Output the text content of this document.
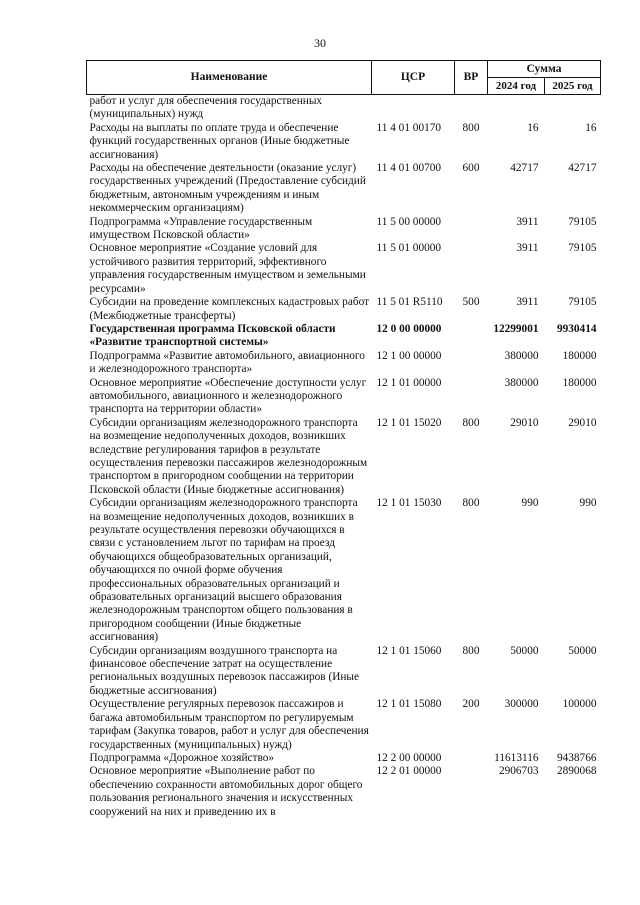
30
Наименование	ЦСР	ВР	Сумма	
			2024 год	2025 год
работ и услуг для обеспечения государственных (муниципальных) нужд				
Расходы на выплаты по оплате труда и обеспечение функций государственных органов (Иные бюджетные ассигнования)	11 4 01 00170	800	16	16
Расходы на обеспечение деятельности (оказание услуг) государственных учреждений (Предоставление субсидий бюджетным, автономным учреждениям и иным некоммерческим организациям)	11 4 01 00700	600	42717	42717
Подпрограмма «Управление государственным имуществом Псковской области»	11 5 00 00000		3911	79105
Основное мероприятие «Создание условий для устойчивого развития территорий, эффективного управления государственным имуществом и земельными ресурсами»	11 5 01 00000		3911	79105
Субсидии на проведение комплексных кадастровых работ (Межбюджетные трансферты)	11 5 01 R5110	500	3911	79105
Государственная программа Псковской области «Развитие транспортной системы»	12 0 00 00000		12299001	9930414
Подпрограмма «Развитие автомобильного, авиационного и железнодорожного транспорта»	12 1 00 00000		380000	180000
Основное мероприятие «Обеспечение доступности услуг автомобильного, авиационного и железнодорожного транспорта на территории области»	12 1 01 00000		380000	180000
Субсидии организациям железнодорожного транспорта на возмещение недополученных доходов, возникших вследствие регулирования тарифов в результате осуществления перевозки пассажиров железнодорожным транспортом в пригородном сообщении на территории Псковской области (Иные бюджетные ассигнования)	12 1 01 15020	800	29010	29010
Субсидии организациям железнодорожного транспорта на возмещение недополученных доходов, возникших в результате осуществления перевозки обучающихся в связи с установлением льгот по тарифам на проезд обучающихся общеобразовательных организаций, обучающихся по очной форме обучения профессиональных образовательных организаций и образовательных организаций высшего образования железнодорожным транспортом общего пользования в пригородном сообщении (Иные бюджетные ассигнования)	12 1 01 15030	800	990	990
Субсидии организациям воздушного транспорта на финансовое обеспечение затрат на осуществление региональных воздушных перевозок пассажиров (Иные бюджетные ассигнования)	12 1 01 15060	800	50000	50000
Осуществление регулярных перевозок пассажиров и багажа автомобильным транспортом по регулируемым тарифам (Закупка товаров, работ и услуг для обеспечения государственных (муниципальных) нужд)	12 1 01 15080	200	300000	100000
Подпрограмма «Дорожное хозяйство»	12 2 00 00000		11613116	9438766
Основное мероприятие «Выполнение работ по обеспечению сохранности автомобильных дорог общего пользования регионального значения и искусственных сооружений на них и приведению их в	12 2 01 00000		2906703	2890068
